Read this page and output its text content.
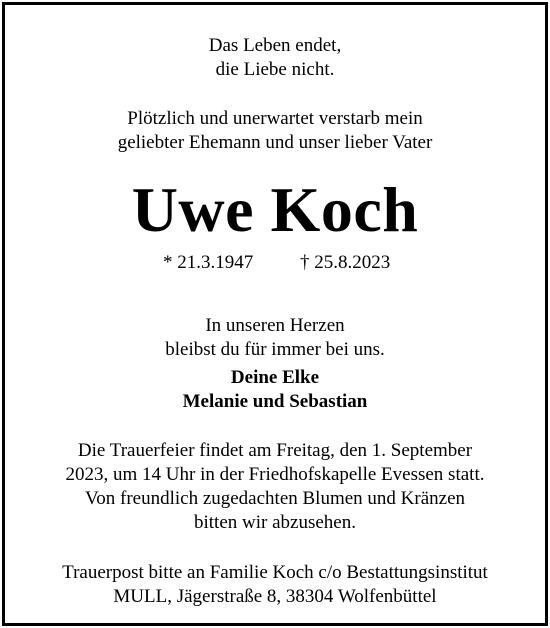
Das Leben endet,
die Liebe nicht.
Plötzlich und unerwartet verstarb mein
geliebter Ehemann und unser lieber Vater
Uwe Koch
* 21.3.1947 † 25.8.2023
In unseren Herzen
bleibst du für immer bei uns.
Deine Elke
Melanie und Sebastian
Die Trauerfeier findet am Freitag, den 1. September
2023, um 14 Uhr in der Friedhofskapelle Evessen statt.
Von freundlich zugedachten Blumen und Kränzen
bitten wir abzusehen.
Trauerpost bitte an Familie Koch c/o Bestattungsinstitut
MULL, Jägerstraße 8, 38304 Wolfenbüttel
